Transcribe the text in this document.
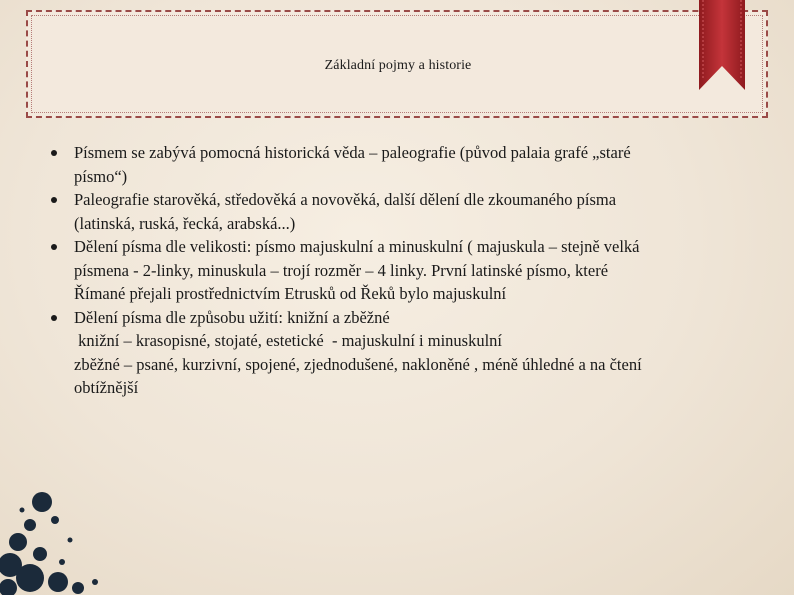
Základní pojmy a historie
Písmem se zabývá pomocná historická věda – paleografie (původ palaia grafé „staré
písmo“)
Paleografie starověká, středověká a novověká, další dělení dle zkoumaného písma
(latinská, ruská, řecká, arabská...)
Dělení písma dle velikosti: písmo majuskulní a minuskulní ( majuskula – stejně velká
písmena - 2-linky, minuskula – trojí rozměr – 4 linky. První latinské písmo, které
Římané přejali prostřednictvím Etrusků od Řeků bylo majuskulní
Dělení písma dle způsobu užití: knižní a zběžné
knižní – krasopisné, stojaté, estetické  - majuskulní i minuskulní
zběžné – psané, kurzivní, spojené, zjednodušené, nakloněné , méně úhledné a na čtení
obtížnější
